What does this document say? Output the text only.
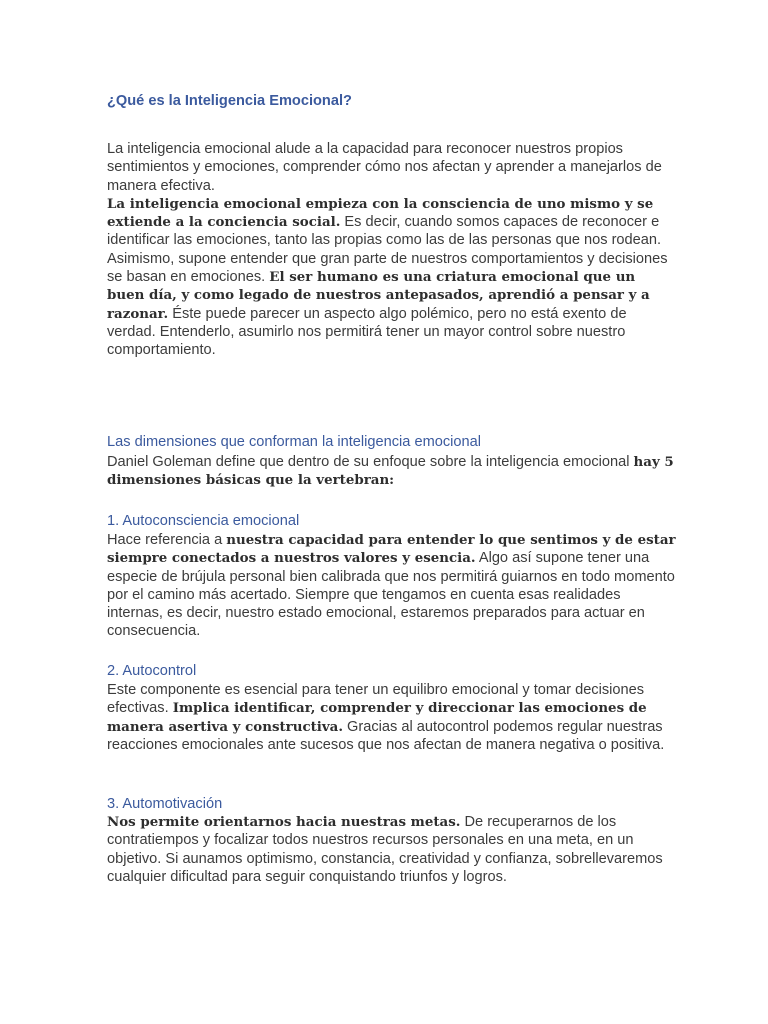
¿Qué es la Inteligencia Emocional?

La inteligencia emocional alude a la capacidad para reconocer nuestros propios sentimientos y emociones, comprender cómo nos afectan y aprender a manejarlos de manera efectiva.

La inteligencia emocional empieza con la consciencia de uno mismo y se extiende a la conciencia social. Es decir, cuando somos capaces de reconocer e identificar las emociones, tanto las propias como las de las personas que nos rodean.

Asimismo, supone entender que gran parte de nuestros comportamientos y decisiones se basan en emociones. El ser humano es una criatura emocional que un buen día, y como legado de nuestros antepasados, aprendió a pensar y a razonar. Éste puede parecer un aspecto algo polémico, pero no está exento de verdad. Entenderlo, asumirlo nos permitirá tener un mayor control sobre nuestro comportamiento.

Las dimensiones que conforman la inteligencia emocional

Daniel Goleman define que dentro de su enfoque sobre la inteligencia emocional hay 5 dimensiones básicas que la vertebran:

1. Autoconsciencia emocional

Hace referencia a nuestra capacidad para entender lo que sentimos y de estar siempre conectados a nuestros valores y esencia. Algo así supone tener una especie de brújula personal bien calibrada que nos permitirá guiarnos en todo momento por el camino más acertado. Siempre que tengamos en cuenta esas realidades internas, es decir, nuestro estado emocional, estaremos preparados para actuar en consecuencia.

2. Autocontrol

Este componente es esencial para tener un equilibro emocional y tomar decisiones efectivas. Implica identificar, comprender y direccionar las emociones de manera asertiva y constructiva. Gracias al autocontrol podemos regular nuestras reacciones emocionales ante sucesos que nos afectan de manera negativa o positiva.

3. Automotivación

Nos permite orientarnos hacia nuestras metas. De recuperarnos de los contratiempos y focalizar todos nuestros recursos personales en una meta, en un objetivo. Si aunamos optimismo, constancia, creatividad y confianza, sobrellevaremos cualquier dificultad para seguir conquistando triunfos y logros.
